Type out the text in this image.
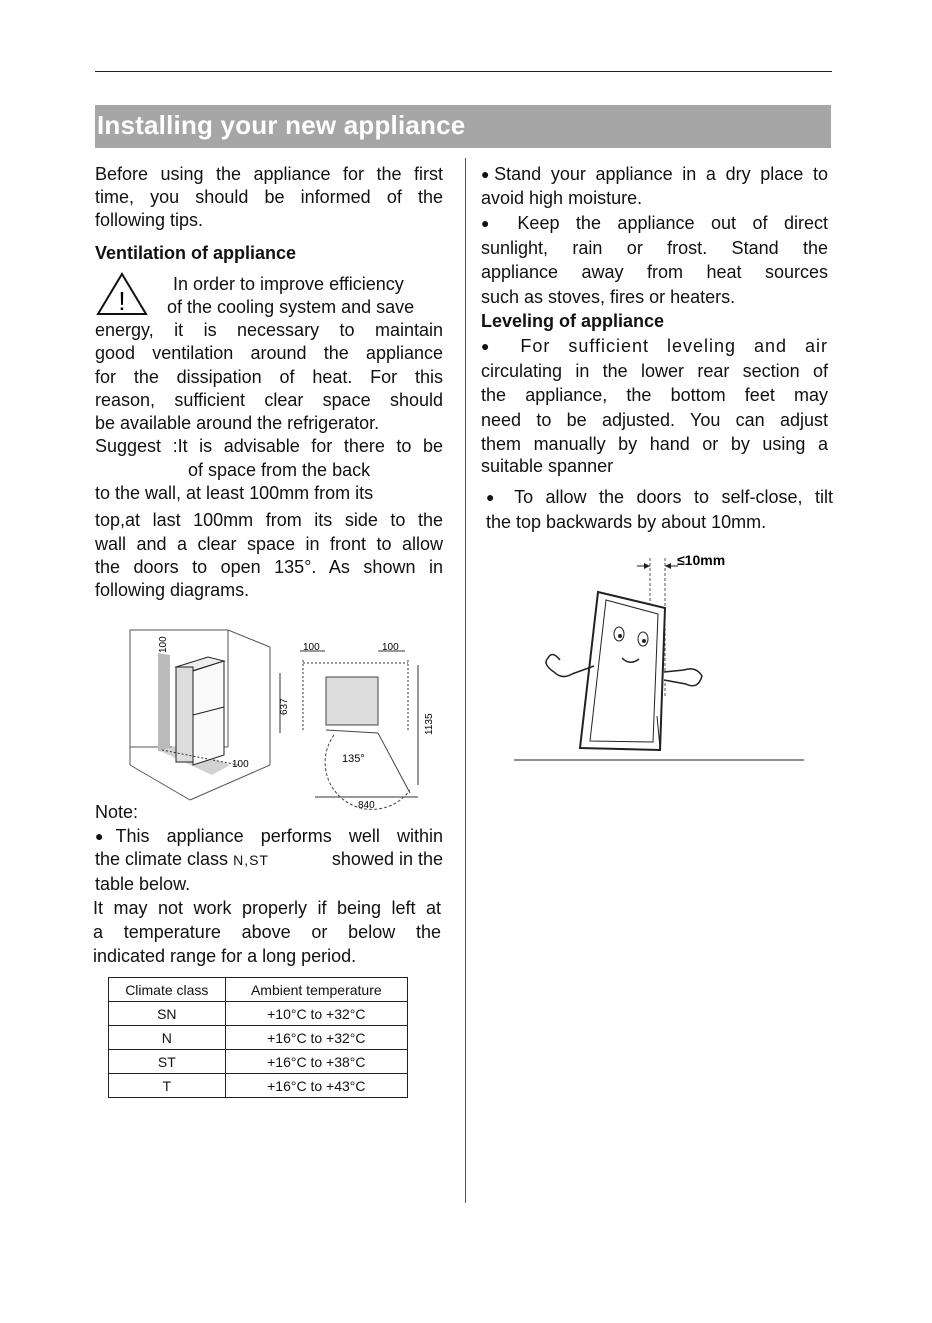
Installing your new appliance

Before using the appliance for the first

time, you should be informed of the

following tips.

Ventilation of appliance

!

In order to improve efficiency

of the cooling system and save

energy, it is necessary to maintain

good ventilation around the appliance

for the dissipation of heat. For this

reason, sufficient clear space should

be available around the refrigerator.

Suggest :It is advisable for there to be

of space from the back

to the wall, at least 100mm from its

top,at last 100mm from its side to the

wall and a clear space in front to allow

the doors to open 135°. As shown in

following diagrams.

100
100
100	100
637
1135
135°
840

Note:

●This appliance performs well within

the climate class N,ST	showed in the

table below.

It may not work properly if being left at

a temperature above or below the

indicated range for a long period.

Climate class	Ambient temperature
SN	+10°C to +32°C
N	+16°C to +32°C
ST	+16°C to +38°C
T	+16°C to +43°C

●Stand your appliance in a dry place to

avoid high moisture.

● Keep the appliance out of direct

sunlight, rain or frost. Stand the

appliance away from heat sources

such as stoves, fires or heaters.

Leveling of appliance

● For sufficient leveling and air

circulating in the lower rear section of

the appliance, the bottom feet may

need to be adjusted. You can adjust

them manually by hand or by using a

suitable spanner

● To allow the doors to self-close, tilt

the top backwards by about 10mm.

≤10mm
